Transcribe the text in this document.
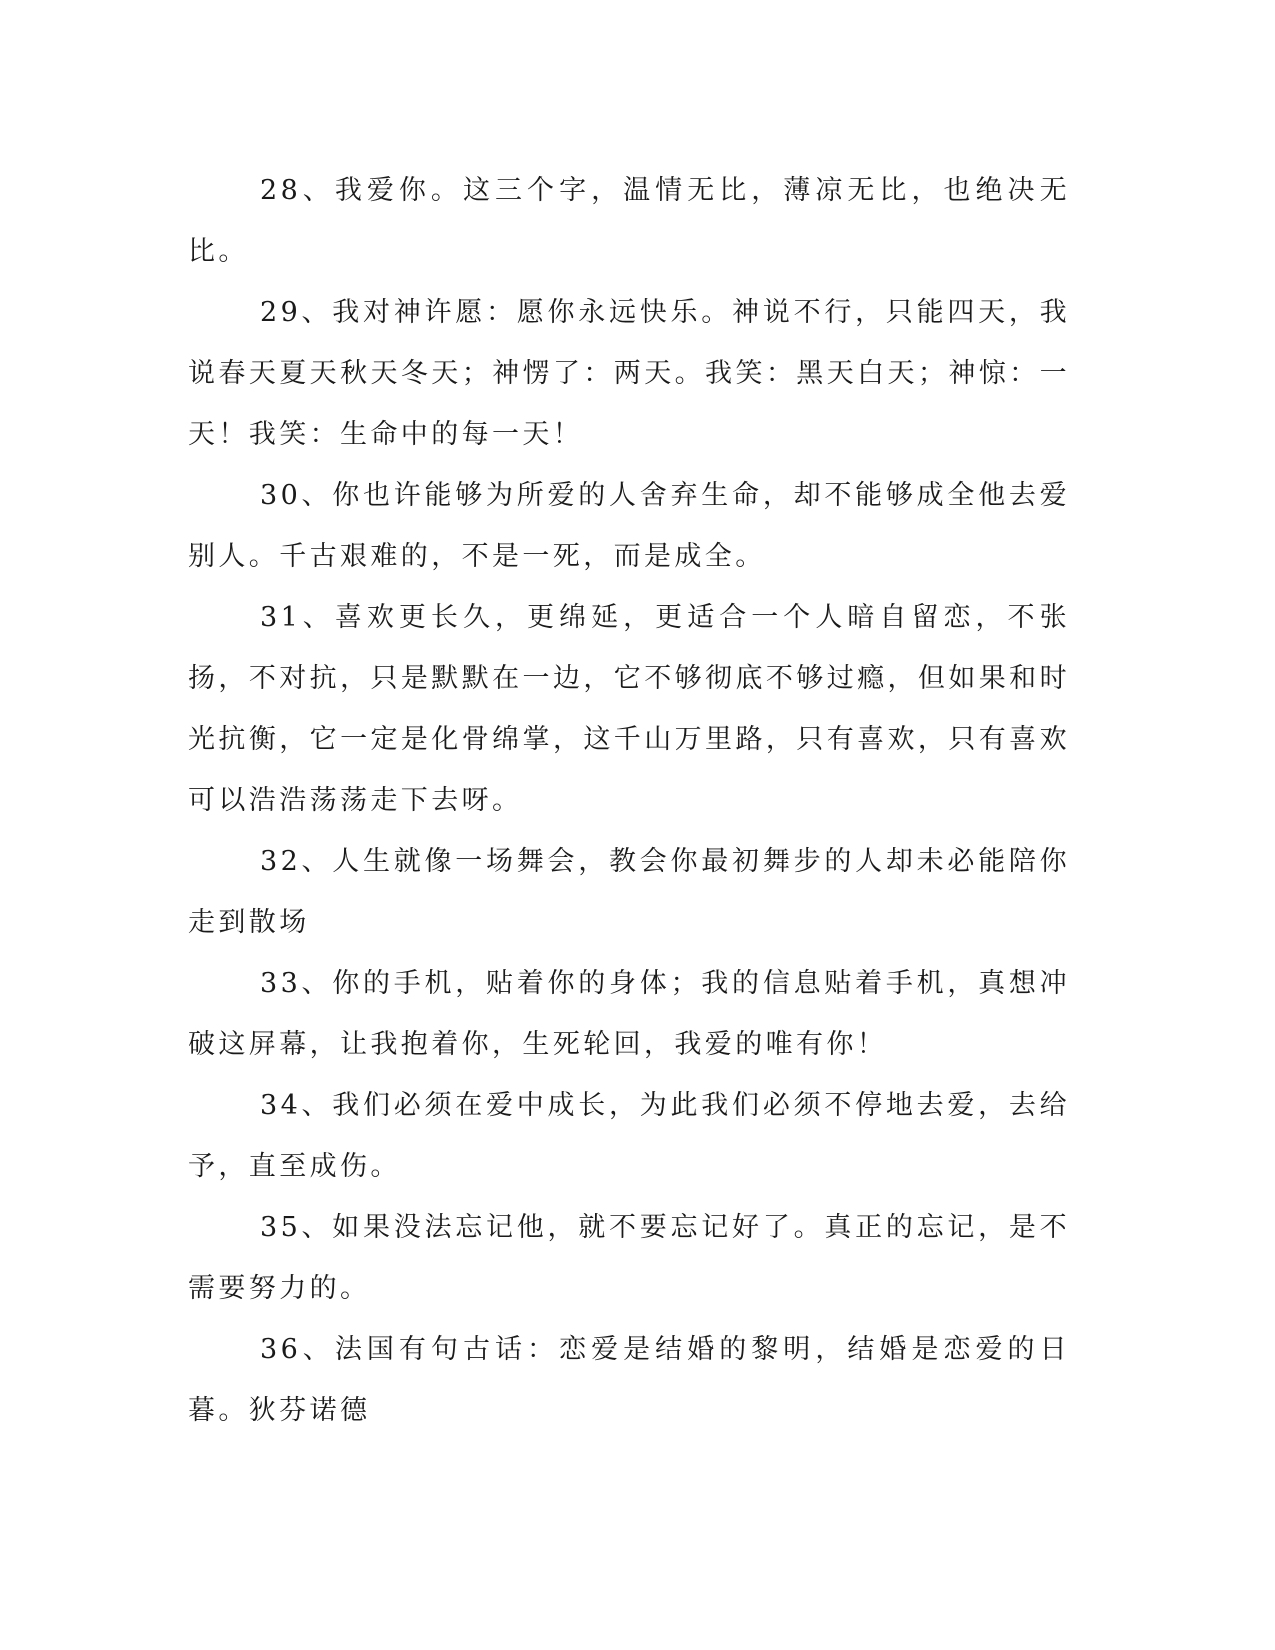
28、我爱你。这三个字，温情无比，薄凉无比，也绝决无比。

29、我对神许愿：愿你永远快乐。神说不行，只能四天，我说春天夏天秋天冬天；神愣了：两天。我笑：黑天白天；神惊：一天！我笑：生命中的每一天！

30、你也许能够为所爱的人舍弃生命，却不能够成全他去爱别人。千古艰难的，不是一死，而是成全。

31、喜欢更长久，更绵延，更适合一个人暗自留恋，不张扬，不对抗，只是默默在一边，它不够彻底不够过瘾，但如果和时光抗衡，它一定是化骨绵掌，这千山万里路，只有喜欢，只有喜欢可以浩浩荡荡走下去呀。

32、人生就像一场舞会，教会你最初舞步的人却未必能陪你走到散场

33、你的手机，贴着你的身体；我的信息贴着手机，真想冲破这屏幕，让我抱着你，生死轮回，我爱的唯有你！

34、我们必须在爱中成长，为此我们必须不停地去爱，去给予，直至成伤。

35、如果没法忘记他，就不要忘记好了。真正的忘记，是不需要努力的。

36、法国有句古话：恋爱是结婚的黎明，结婚是恋爱的日暮。狄芬诺德
